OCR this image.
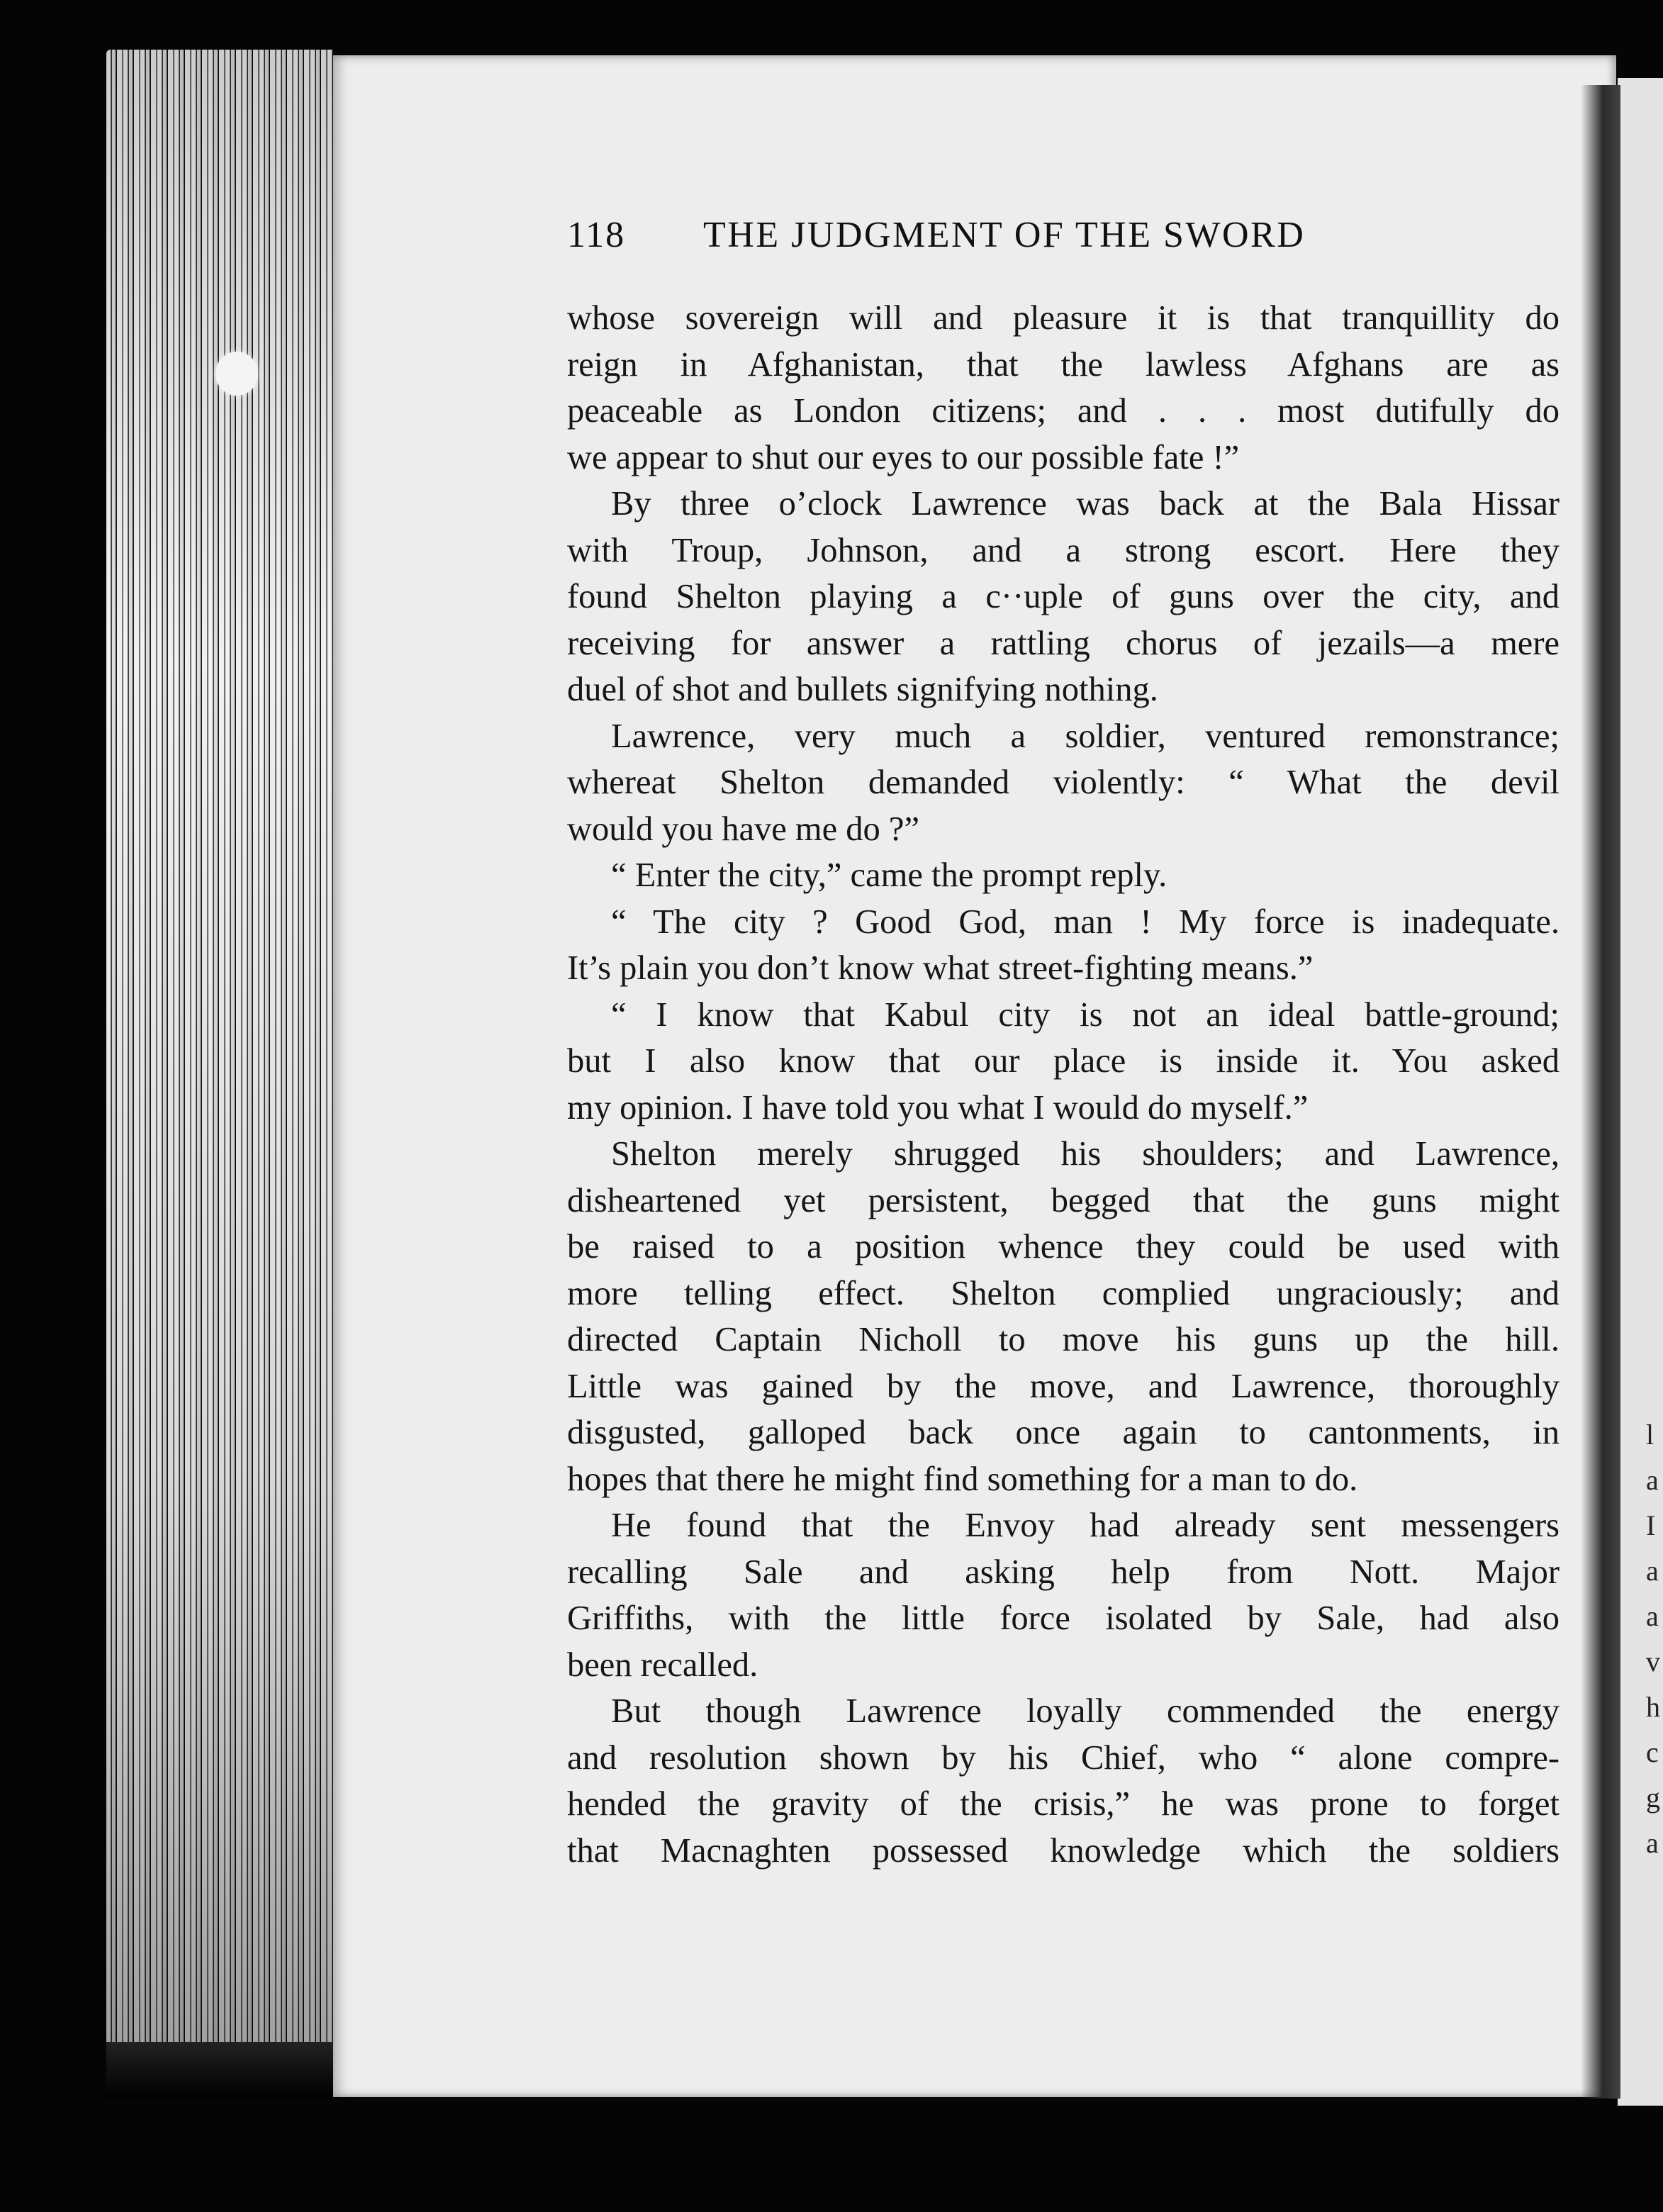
118 THE JUDGMENT OF THE SWORD
whose sovereign will and pleasure it is that tranquillity do
reign in Afghanistan, that the lawless Afghans are as
peaceable as London citizens; and . . . most dutifully do
we appear to shut our eyes to our possible fate !”
By three o’clock Lawrence was back at the Bala Hissar
with Troup, Johnson, and a strong escort. Here they
found Shelton playing a c··uple of guns over the city, and
receiving for answer a rattling chorus of jezails—a mere
duel of shot and bullets signifying nothing.
Lawrence, very much a soldier, ventured remonstrance;
whereat Shelton demanded violently: “ What the devil
would you have me do ?”
“ Enter the city,” came the prompt reply.
“ The city ? Good God, man ! My force is inadequate.
It’s plain you don’t know what street-fighting means.”
“ I know that Kabul city is not an ideal battle-ground;
but I also know that our place is inside it. You asked
my opinion. I have told you what I would do myself.”
Shelton merely shrugged his shoulders; and Lawrence,
disheartened yet persistent, begged that the guns might
be raised to a position whence they could be used with
more telling effect. Shelton complied ungraciously; and
directed Captain Nicholl to move his guns up the hill.
Little was gained by the move, and Lawrence, thoroughly
disgusted, galloped back once again to cantonments, in
hopes that there he might find something for a man to do.
He found that the Envoy had already sent messengers
recalling Sale and asking help from Nott. Major
Griffiths, with the little force isolated by Sale, had also
been recalled.
But though Lawrence loyally commended the energy
and resolution shown by his Chief, who “ alone compre-
hended the gravity of the crisis,” he was prone to forget
that Macnaghten possessed knowledge which the soldiers
l
a
I
a
a
v
h
c
g
a
